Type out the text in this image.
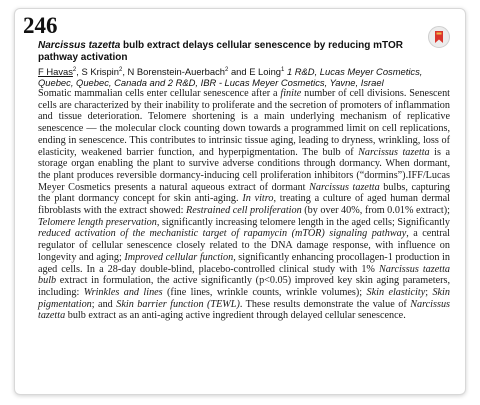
246
Narcissus tazetta bulb extract delays cellular senescence by reducing mTOR pathway activation
F Havas$^2$, S Krispin$^2$, N Borenstein-Auerbach$^2$ and E Loing$^1$ 1 R&D, Lucas Meyer Cosmetics, Quebec, Quebec, Canada and 2 R&D, IBR - Lucas Meyer Cosmetics, Yavne, Israel
Somatic mammalian cells enter cellular senescence after a finite number of cell divisions. Senescent cells are characterized by their inability to proliferate and the secretion of promoters of inflammation and tissue deterioration. Telomere shortening is a main underlying mechanism of replicative senescence — the molecular clock counting down towards a programmed limit on cell replications, ending in senescence. This contributes to intrinsic tissue aging, leading to dryness, wrinkling, loss of elasticity, weakened barrier function, and hyperpigmentation. The bulb of Narcissus tazetta is a storage organ enabling the plant to survive adverse conditions through dormancy. When dormant, the plant produces reversible dormancy-inducing cell proliferation inhibitors (“dormins”).IFF/Lucas Meyer Cosmetics presents a natural aqueous extract of dormant Narcissus tazetta bulbs, capturing the plant dormancy concept for skin anti-aging. In vitro, treating a culture of aged human dermal fibroblasts with the extract showed: Restrained cell proliferation (by over 40%, from 0.01% extract); Telomere length preservation, significantly increasing telomere length in the aged cells; Significantly reduced activation of the mechanistic target of rapamycin (mTOR) signaling pathway, a central regulator of cellular senescence closely related to the DNA damage response, with influence on longevity and aging; Improved cellular function, significantly enhancing procollagen-1 production in aged cells. In a 28-day double-blind, placebo-controlled clinical study with 1% Narcissus tazetta bulb extract in formulation, the active significantly (p<0.05) improved key skin aging parameters, including: Wrinkles and lines (fine lines, wrinkle counts, wrinkle volumes); Skin elasticity; Skin pigmentation; and Skin barrier function (TEWL). These results demonstrate the value of Narcissus tazetta bulb extract as an anti-aging active ingredient through delayed cellular senescence.
